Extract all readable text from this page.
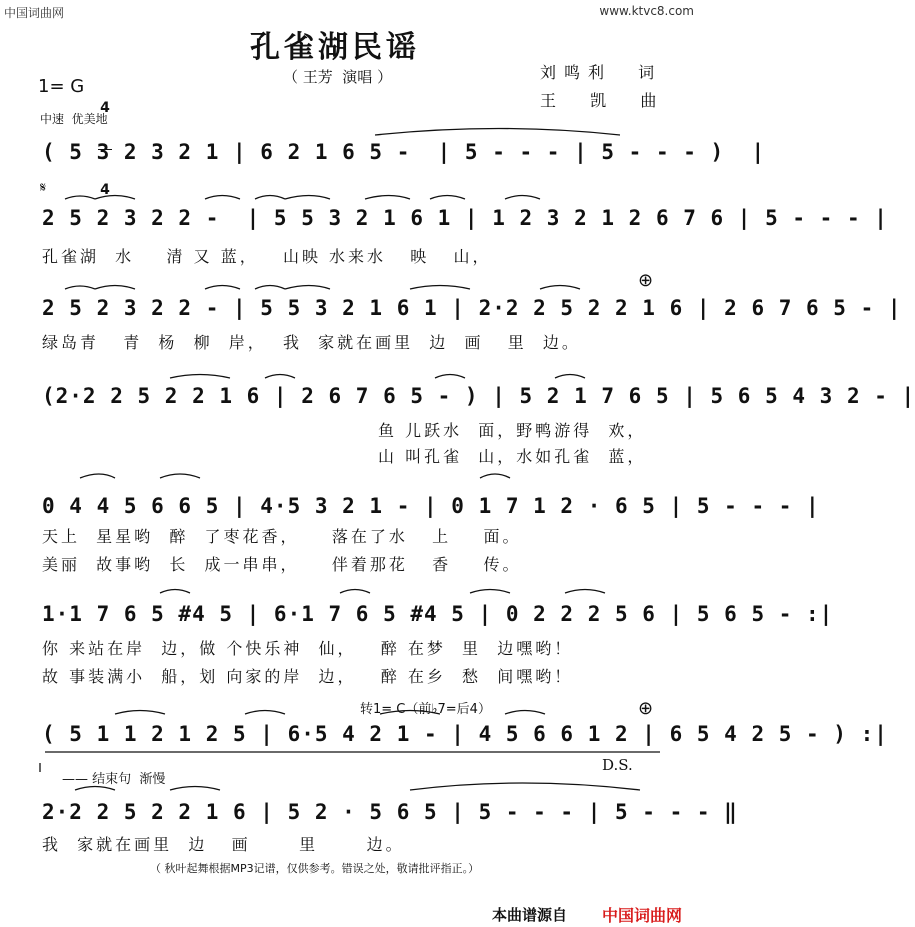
中国词曲网	www.ktvc8.com
孔雀湖民谣
（ 王芳  演唱 ）	刘鸣利  词
王  凯  曲
1= G

4

4

中速  优美地
( 5 3 2 3 2 1 | 6 2 1 6 5 -  | 5 - - - | 5 - - - )  |
𝄋
2 5 2 3 2 2 -  | 5 5 3 2 1 6 1 | 1 2 3 2 1 2 6 7 6 | 5 - - - |
孔雀湖  水    清 又 蓝，   山映 水来水   映   山，
⊕
2 5 2 3 2 2 - | 5 5 3 2 1 6 1 | 2·2 2 5 2 2 1 6 | 2 6 7 6 5 - |
绿岛青   青  杨  柳  岸，  我  家就在画里  边  画   里  边。
(2·2 2 5 2 2 1 6 | 2 6 7 6 5 - ) | 5 2 1 7 6 5 | 5 6 5 4 3 2 - |
鱼 儿跃水  面，野鸭游得  欢，
山 叫孔雀  山，水如孔雀  蓝，
0 4 4 5 6 6 5 | 4·5 3 2 1 - | 0 1 7 1 2 · 6 5 | 5 - - - |
天上  星星哟  醉  了枣花香，    落在了水   上    面。
美丽  故事哟  长  成一串串，    伴着那花   香    传。
1·1 7 6 5 #4 5 | 6·1 7 6 5 #4 5 | 0 2 2 2 5 6 | 5 6 5 - :|
你 来站在岸  边，做 个快乐神  仙，   醉 在梦  里  边嘿哟！
故 事装满小  船，划 向家的岸  边，   醉 在乡  愁  间嘿哟！
转1= C（前♭7=后4）	⊕
( 5 1 1 2 1 2 5 | 6·5 4 2 1 - | 4 5 6 6 1 2 | 6 5 4 2 5 - ) :|
D.S.
—— 结束句  渐慢
2·2 2 5 2 2 1 6 | 5 2 · 5 6 5 | 5 - - - | 5 - - - ‖
我  家就在画里  边   画      里      边。
（ 秋叶起舞根据MP3记谱，仅供参考。错误之处，敬请批评指正。）
本曲谱源自 中国词曲网
